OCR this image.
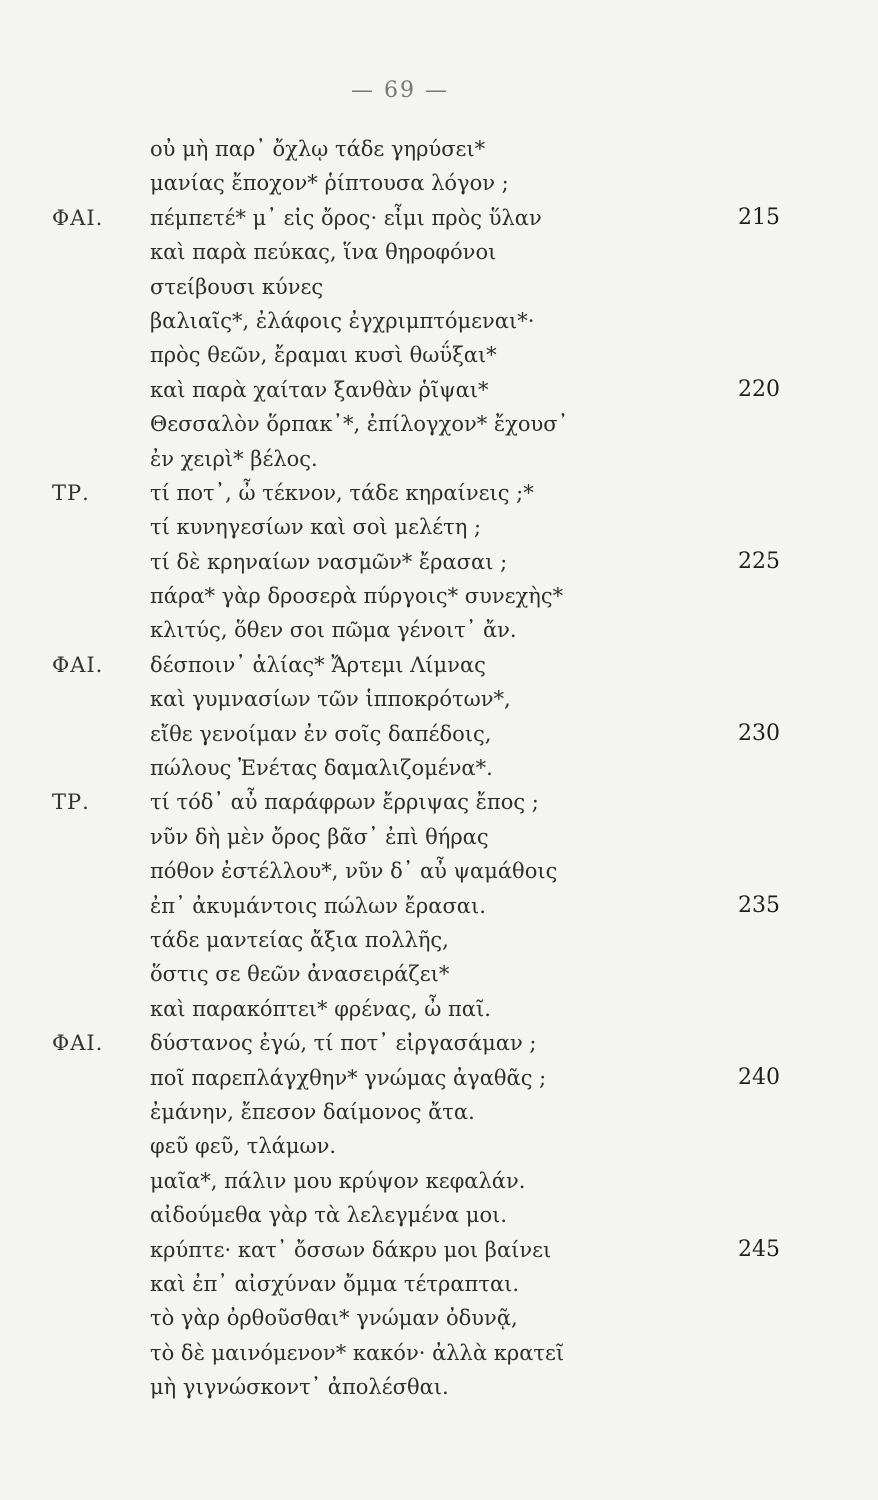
— 69 —
οὐ μὴ παρ᾽ ὄχλῳ τάδε γηρύσει*
μανίας ἔποχον* ῥίπτουσα λόγον ;
ΦΑΙ. πέμπετέ* μ᾽ εἰς ὄρος· εἶμι πρὸς ὕλαν	215
καὶ παρὰ πεύκας, ἵνα θηροφόνοι
στείβουσι κύνες
βαλιαῖς*, ἐλάφοις ἐγχριμπτόμεναι*·
πρὸς θεῶν, ἔραμαι κυσὶ θωΰξαι*
καὶ παρὰ χαίταν ξανθὰν ῥῖψαι*	220
Θεσσαλὸν ὅρπακ᾽*, ἐπίλογχον* ἔχουσ᾽
ἐν χειρὶ* βέλος.
ΤΡ.	τί ποτ᾽, ὦ τέκνον, τάδε κηραίνεις ;*
τί κυνηγεσίων καὶ σοὶ μελέτη ;
τί δὲ κρηναίων νασμῶν* ἔρασαι ;	225
πάρα* γὰρ δροσερὰ πύργοις* συνεχὴς*
κλιτύς, ὅθεν σοι πῶμα γένοιτ᾽ ἄν.
ΦΑΙ. δέσποιν᾽ ἁλίας* Ἄρτεμι Λίμνας
καὶ γυμνασίων τῶν ἱπποκρότων*,
εἴθε γενοίμαν ἐν σοῖς δαπέδοις,	230
πώλους Ἐνέτας δαμαλιζομένα*.
ΤΡ.	τί τόδ᾽ αὖ παράφρων ἔρριψας ἔπος ;
νῦν δὴ μὲν ὄρος βᾶσ᾽ ἐπὶ θήρας
πόθον ἐστέλλου*, νῦν δ᾽ αὖ ψαμάθοις
ἐπ᾽ ἀκυμάντοις πώλων ἔρασαι.	235
τάδε μαντείας ἄξια πολλῆς,
ὅστις σε θεῶν ἀνασειράζει*
καὶ παρακόπτει* φρένας, ὦ παῖ.
ΦΑΙ. δύστανος ἐγώ, τί ποτ᾽ εἰργασάμαν ;
ποῖ παρεπλάγχθην* γνώμας ἀγαθᾶς ;	240
ἐμάνην, ἔπεσον δαίμονος ἄτα.
φεῦ φεῦ, τλάμων.
μαῖα*, πάλιν μου κρύψον κεφαλάν.
αἰδούμεθα γὰρ τὰ λελεγμένα μοι.
κρύπτε· κατ᾽ ὄσσων δάκρυ μοι βαίνει	245
καὶ ἐπ᾽ αἰσχύναν ὄμμα τέτραπται.
τὸ γὰρ ὀρθοῦσθαι* γνώμαν ὀδυνᾷ,
τὸ δὲ μαινόμενον* κακόν· ἀλλὰ κρατεῖ
μὴ γιγνώσκοντ᾽ ἀπολέσθαι.
